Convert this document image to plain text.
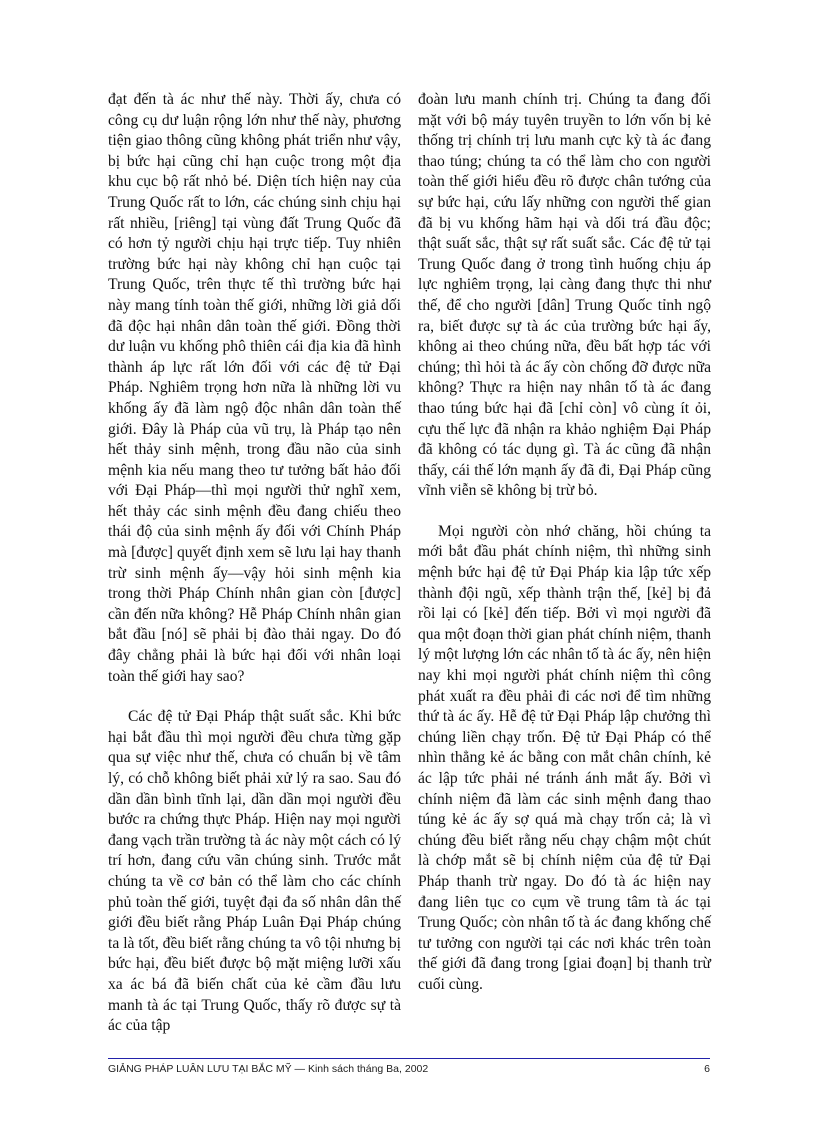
đạt đến tà ác như thế này. Thời ấy, chưa có công cụ dư luận rộng lớn như thế này, phương tiện giao thông cũng không phát triển như vậy, bị bức hại cũng chỉ hạn cuộc trong một địa khu cục bộ rất nhỏ bé. Diện tích hiện nay của Trung Quốc rất to lớn, các chúng sinh chịu hại rất nhiều, [riêng] tại vùng đất Trung Quốc đã có hơn tỷ người chịu hại trực tiếp. Tuy nhiên trường bức hại này không chỉ hạn cuộc tại Trung Quốc, trên thực tế thì trường bức hại này mang tính toàn thế giới, những lời giả dối đã độc hại nhân dân toàn thế giới. Đồng thời dư luận vu khống phô thiên cái địa kia đã hình thành áp lực rất lớn đối với các đệ tử Đại Pháp. Nghiêm trọng hơn nữa là những lời vu khống ấy đã làm ngộ độc nhân dân toàn thế giới. Đây là Pháp của vũ trụ, là Pháp tạo nên hết thảy sinh mệnh, trong đầu não của sinh mệnh kia nếu mang theo tư tưởng bất hảo đối với Đại Pháp—thì mọi người thử nghĩ xem, hết thảy các sinh mệnh đều đang chiếu theo thái độ của sinh mệnh ấy đối với Chính Pháp mà [được] quyết định xem sẽ lưu lại hay thanh trừ sinh mệnh ấy—vậy hỏi sinh mệnh kia trong thời Pháp Chính nhân gian còn [được] cần đến nữa không? Hễ Pháp Chính nhân gian bắt đầu [nó] sẽ phải bị đào thải ngay. Do đó đây chẳng phải là bức hại đối với nhân loại toàn thế giới hay sao?

Các đệ tử Đại Pháp thật suất sắc. Khi bức hại bắt đầu thì mọi người đều chưa từng gặp qua sự việc như thế, chưa có chuẩn bị về tâm lý, có chỗ không biết phải xử lý ra sao. Sau đó dần dần bình tĩnh lại, dần dần mọi người đều bước ra chứng thực Pháp. Hiện nay mọi người đang vạch trần trường tà ác này một cách có lý trí hơn, đang cứu vãn chúng sinh. Trước mắt chúng ta về cơ bản có thể làm cho các chính phủ toàn thế giới, tuyệt đại đa số nhân dân thế giới đều biết rằng Pháp Luân Đại Pháp chúng ta là tốt, đều biết rằng chúng ta vô tội nhưng bị bức hại, đều biết được bộ mặt miệng lưỡi xấu xa ác bá đã biến chất của kẻ cầm đầu lưu manh tà ác tại Trung Quốc, thấy rõ được sự tà ác của tập

đoàn lưu manh chính trị. Chúng ta đang đối mặt với bộ máy tuyên truyền to lớn vốn bị kẻ thống trị chính trị lưu manh cực kỳ tà ác đang thao túng; chúng ta có thể làm cho con người toàn thế giới hiểu đều rõ được chân tướng của sự bức hại, cứu lấy những con người thế gian đã bị vu khống hãm hại và dối trá đầu độc; thật suất sắc, thật sự rất suất sắc. Các đệ tử tại Trung Quốc đang ở trong tình huống chịu áp lực nghiêm trọng, lại càng đang thực thi như thế, để cho người [dân] Trung Quốc tỉnh ngộ ra, biết được sự tà ác của trường bức hại ấy, không ai theo chúng nữa, đều bất hợp tác với chúng; thì hỏi tà ác ấy còn chống đỡ được nữa không? Thực ra hiện nay nhân tố tà ác đang thao túng bức hại đã [chỉ còn] vô cùng ít ỏi, cựu thế lực đã nhận ra khảo nghiệm Đại Pháp đã không có tác dụng gì. Tà ác cũng đã nhận thấy, cái thế lớn mạnh ấy đã đi, Đại Pháp cũng vĩnh viễn sẽ không bị trừ bỏ.

Mọi người còn nhớ chăng, hồi chúng ta mới bắt đầu phát chính niệm, thì những sinh mệnh bức hại đệ tử Đại Pháp kia lập tức xếp thành đội ngũ, xếp thành trận thế, [kẻ] bị đả rồi lại có [kẻ] đến tiếp. Bởi vì mọi người đã qua một đoạn thời gian phát chính niệm, thanh lý một lượng lớn các nhân tố tà ác ấy, nên hiện nay khi mọi người phát chính niệm thì công phát xuất ra đều phải đi các nơi để tìm những thứ tà ác ấy. Hễ đệ tử Đại Pháp lập chưởng thì chúng liền chạy trốn. Đệ tử Đại Pháp có thể nhìn thẳng kẻ ác bằng con mắt chân chính, kẻ ác lập tức phải né tránh ánh mắt ấy. Bởi vì chính niệm đã làm các sinh mệnh đang thao túng kẻ ác ấy sợ quá mà chạy trốn cả; là vì chúng đều biết rằng nếu chạy chậm một chút là chớp mắt sẽ bị chính niệm của đệ tử Đại Pháp thanh trừ ngay. Do đó tà ác hiện nay đang liên tục co cụm về trung tâm tà ác tại Trung Quốc; còn nhân tố tà ác đang khống chế tư tưởng con người tại các nơi khác trên toàn thế giới đã đang trong [giai đoạn] bị thanh trừ cuối cùng.

GIẢNG PHÁP LUÂN LƯU TẠI BẮC MỸ — Kinh sách tháng Ba, 2002	6
